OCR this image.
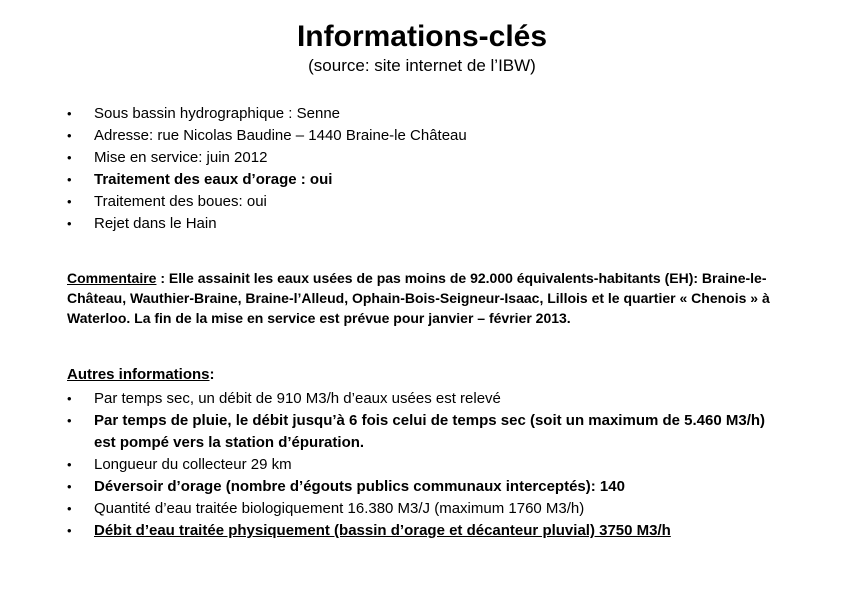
Informations-clés

(source: site internet de l’IBW)

•	Sous bassin hydrographique : Senne
•	Adresse: rue Nicolas Baudine – 1440 Braine-le Château
•	Mise en service: juin 2012
•	Traitement des eaux d’orage : oui
•	Traitement des boues: oui
•	Rejet dans le Hain

Commentaire : Elle assainit les eaux usées de pas moins de 92.000 équivalents-habitants (EH): Braine-le-Château, Wauthier-Braine, Braine-l’Alleud, Ophain-Bois-Seigneur-Isaac, Lillois et le quartier « Chenois » à Waterloo. La fin de la mise en service est prévue pour janvier – février 2013.

Autres informations:

•	Par temps sec, un débit de 910 M3/h d’eaux usées est relevé
•	Par temps de pluie, le débit jusqu’à 6 fois celui de temps sec (soit un maximum de 5.460 M3/h) est pompé vers la station d’épuration.
•	Longueur du collecteur 29 km
•	Déversoir d’orage (nombre d’égouts publics communaux interceptés): 140
•	Quantité d’eau traitée biologiquement 16.380 M3/J (maximum 1760 M3/h)
•	Débit d’eau traitée physiquement (bassin d’orage et décanteur pluvial) 3750 M3/h
